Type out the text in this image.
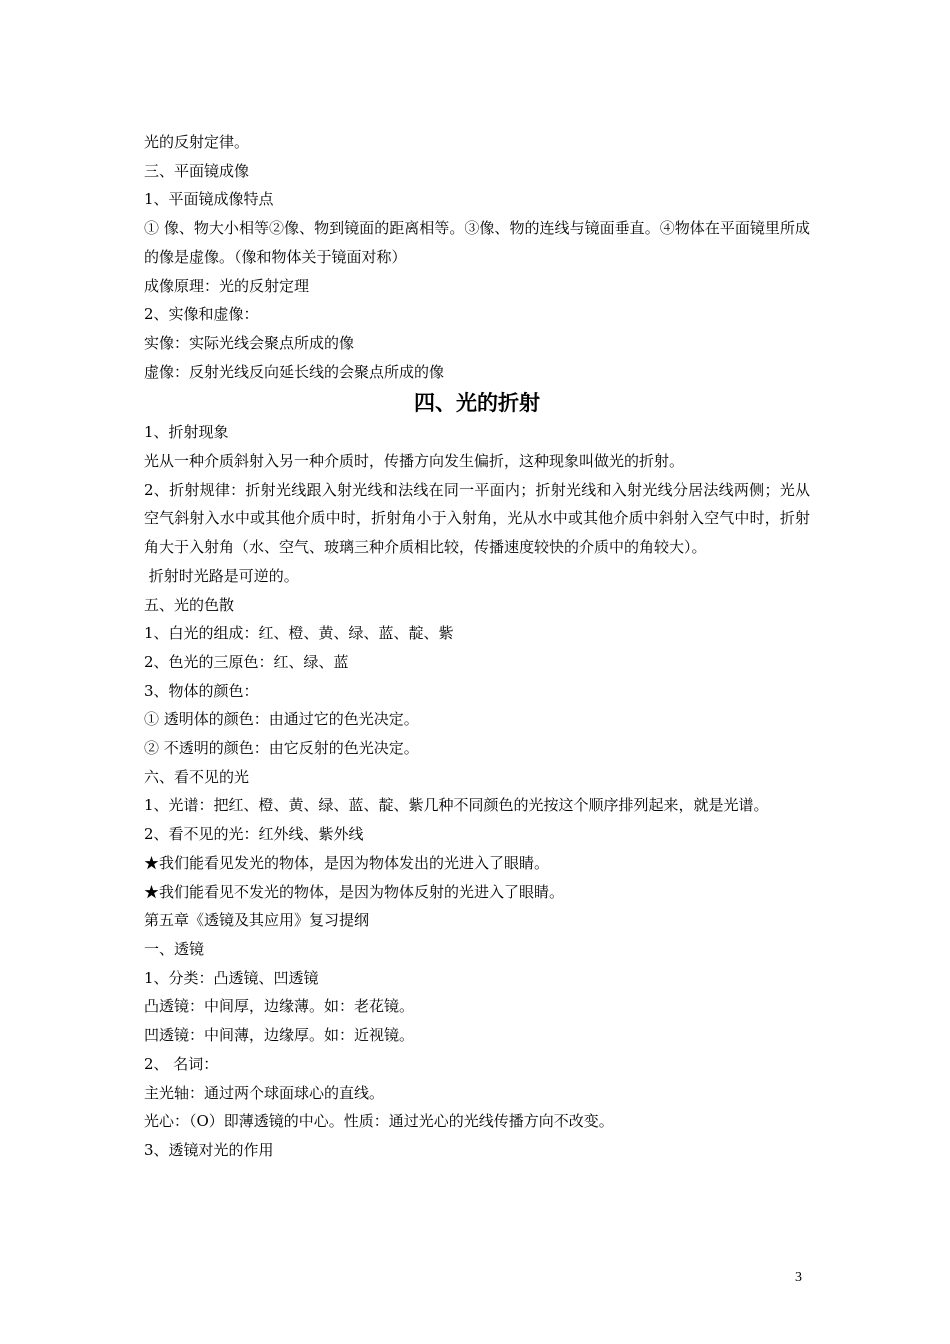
光的反射定律。
三、平面镜成像
1、平面镜成像特点
① 像、物大小相等②像、物到镜面的距离相等。③像、物的连线与镜面垂直。④物体在平面镜里所成的像是虚像。（像和物体关于镜面对称）
成像原理：光的反射定理
2、实像和虚像：
实像：实际光线会聚点所成的像
虚像：反射光线反向延长线的会聚点所成的像
四、光的折射
1、折射现象
光从一种介质斜射入另一种介质时，传播方向发生偏折，这种现象叫做光的折射。
2、折射规律：折射光线跟入射光线和法线在同一平面内；折射光线和入射光线分居法线两侧；光从空气斜射入水中或其他介质中时，折射角小于入射角，光从水中或其他介质中斜射入空气中时，折射角大于入射角（水、空气、玻璃三种介质相比较，传播速度较快的介质中的角较大）。
折射时光路是可逆的。
五、光的色散
1、白光的组成：红、橙、黄、绿、蓝、靛、紫
2、色光的三原色：红、绿、蓝
3、物体的颜色：
① 透明体的颜色：由通过它的色光决定。
② 不透明的颜色：由它反射的色光决定。
六、看不见的光
1、光谱：把红、橙、黄、绿、蓝、靛、紫几种不同颜色的光按这个顺序排列起来，就是光谱。
2、看不见的光：红外线、紫外线
★我们能看见发光的物体，是因为物体发出的光进入了眼睛。
★我们能看见不发光的物体，是因为物体反射的光进入了眼睛。
第五章《透镜及其应用》复习提纲
一、透镜
1、分类：凸透镜、凹透镜
凸透镜：中间厚，边缘薄。如：老花镜。
凹透镜：中间薄，边缘厚。如：近视镜。
2、 名词：
主光轴：通过两个球面球心的直线。
光心：（O）即薄透镜的中心。性质：通过光心的光线传播方向不改变。
3、透镜对光的作用
3
